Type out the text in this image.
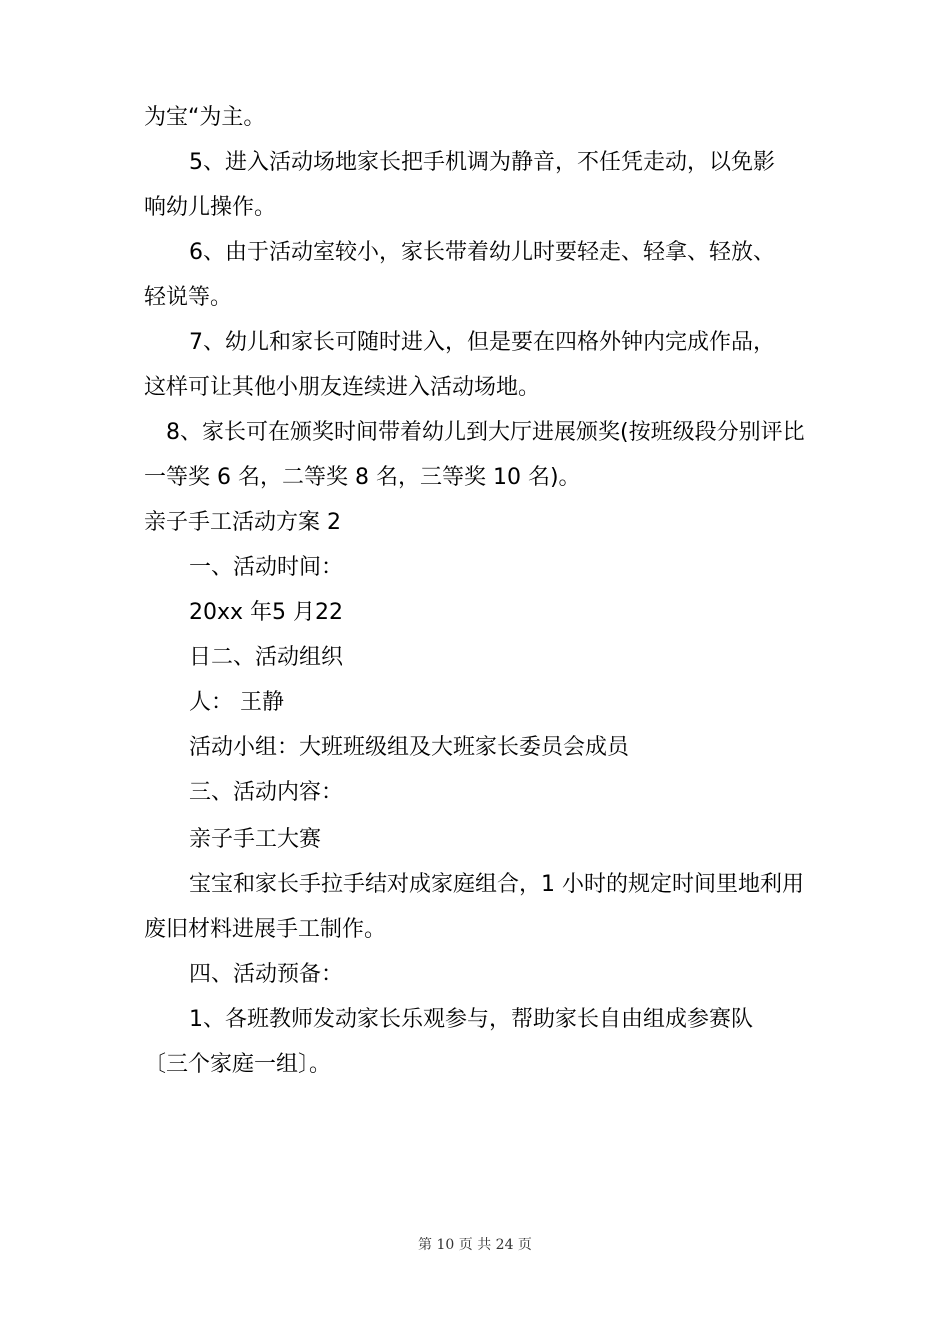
为宝“为主。
5、进入活动场地家长把手机调为静音，不任凭走动，以免影
响幼儿操作。
6、由于活动室较小，家长带着幼儿时要轻走、轻拿、轻放、
轻说等。
7、幼儿和家长可随时进入，但是要在四格外钟内完成作品，
这样可让其他小朋友连续进入活动场地。
8、家长可在颁奖时间带着幼儿到大厅进展颁奖(按班级段分别评比
一等奖 6 名，二等奖 8 名，三等奖 10 名)。
亲子手工活动方案 2
一、活动时间：
20xx 年5 月22
日二、活动组织
人： 王静
活动小组：大班班级组及大班家长委员会成员
三、活动内容：
亲子手工大赛
宝宝和家长手拉手结对成家庭组合，1 小时的规定时间里地利用
废旧材料进展手工制作。
四、活动预备：
1、各班教师发动家长乐观参与，帮助家长自由组成参赛队
〔三个家庭一组〕。
第 10 页 共 24 页
